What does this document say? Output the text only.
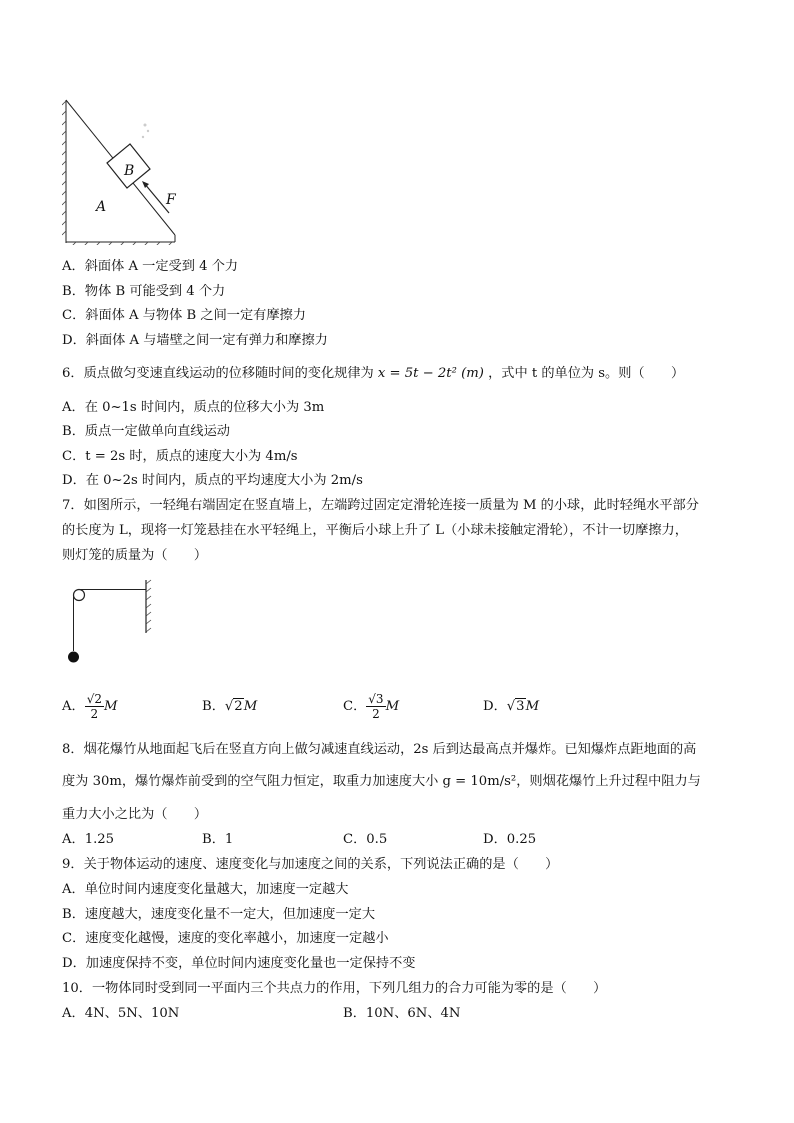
B
A	F
A．斜面体 A 一定受到 4 个力
B．物体 B 可能受到 4 个力
C．斜面体 A 与物体 B 之间一定有摩擦力
D．斜面体 A 与墙壁之间一定有弹力和摩擦力
6．质点做匀变速直线运动的位移随时间的变化规律为 x = 5t − 2t² (m) ，式中 t 的单位为 s。则（　　）
A．在 0~1s 时间内，质点的位移大小为 3m
B．质点一定做单向直线运动
C．t = 2s 时，质点的速度大小为 4m/s
D．在 0~2s 时间内，质点的平均速度大小为 2m/s
7．如图所示，一轻绳右端固定在竖直墙上，左端跨过固定定滑轮连接一质量为 M 的小球，此时轻绳水平部分
的长度为 L，现将一灯笼悬挂在水平轻绳上，平衡后小球上升了 L（小球未接触定滑轮），不计一切摩擦力，
则灯笼的质量为（　　）
A． $\frac{√2}{2}$ M	B．√2M	C． $\frac{√3}{2}$ M	D．√3M
8．烟花爆竹从地面起飞后在竖直方向上做匀减速直线运动，2s 后到达最高点并爆炸。已知爆炸点距地面的高
度为 30m，爆竹爆炸前受到的空气阻力恒定，取重力加速度大小 g = 10m/s²，则烟花爆竹上升过程中阻力与
重力大小之比为（　　）
A．1.25	B．1	C．0.5	D．0.25
9．关于物体运动的速度、速度变化与加速度之间的关系，下列说法正确的是（　　）
A．单位时间内速度变化量越大，加速度一定越大
B．速度越大，速度变化量不一定大，但加速度一定大
C．速度变化越慢，速度的变化率越小，加速度一定越小
D．加速度保持不变，单位时间内速度变化量也一定保持不变
10．一物体同时受到同一平面内三个共点力的作用，下列几组力的合力可能为零的是（　　）
A．4N、5N、10N	B．10N、6N、4N
